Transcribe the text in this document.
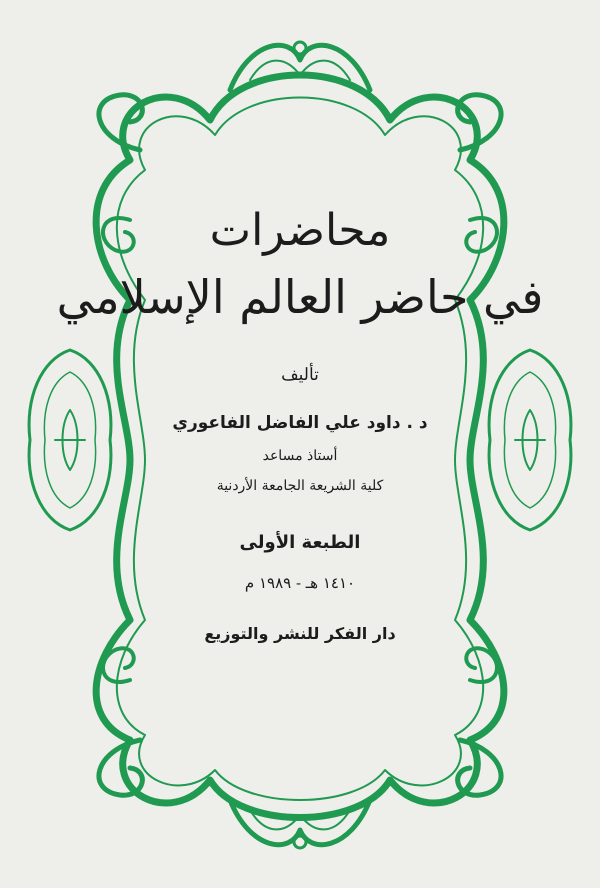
محاضرات
في حاضر العالم الإسلامي
تأليف
د . داود علي الفاضل الفاعوري
أستاذ مساعد
كلية الشريعة الجامعة الأردنية
الطبعة الأولى
١٤١٠ هـ - ١٩٨٩ م
دار الفكر للنشر والتوزيع
